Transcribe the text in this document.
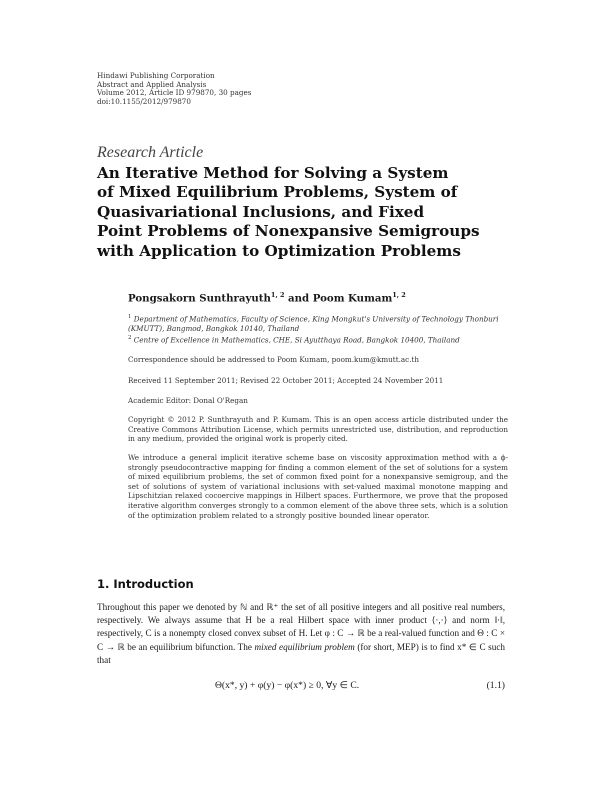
Hindawi Publishing Corporation
Abstract and Applied Analysis
Volume 2012, Article ID 979870, 30 pages
doi:10.1155/2012/979870
Research Article
An Iterative Method for Solving a System
of Mixed Equilibrium Problems, System of
Quasivariational Inclusions, and Fixed
Point Problems of Nonexpansive Semigroups
with Application to Optimization Problems
Pongsakorn Sunthrayuth$^{1, 2}$ and Poom Kumam$^{1, 2}$
$^1$ Department of Mathematics, Faculty of Science, King Mongkut's University of Technology Thonburi (KMUTT), Bangmod, Bangkok 10140, Thailand
$^2$ Centre of Excellence in Mathematics, CHE, Si Ayutthaya Road, Bangkok 10400, Thailand
Correspondence should be addressed to Poom Kumam, poom.kum@kmutt.ac.th
Received 11 September 2011; Revised 22 October 2011; Accepted 24 November 2011
Academic Editor: Donal O'Regan
Copyright © 2012 P. Sunthrayuth and P. Kumam. This is an open access article distributed under the Creative Commons Attribution License, which permits unrestricted use, distribution, and reproduction in any medium, provided the original work is properly cited.
We introduce a general implicit iterative scheme base on viscosity approximation method with a ϕ-strongly pseudocontractive mapping for finding a common element of the set of solutions for a system of mixed equilibrium problems, the set of common fixed point for a nonexpansive semigroup, and the set of solutions of system of variational inclusions with set-valued maximal monotone mapping and Lipschitzian relaxed cocoercive mappings in Hilbert spaces. Furthermore, we prove that the proposed iterative algorithm converges strongly to a common element of the above three sets, which is a solution of the optimization problem related to a strongly positive bounded linear operator.
1. Introduction
Throughout this paper we denoted by ℕ and ℝ⁺ the set of all positive integers and all positive real numbers, respectively. We always assume that H be a real Hilbert space with inner product ⟨·,·⟩ and norm ‖·‖, respectively, C is a nonempty closed convex subset of H. Let φ : C → ℝ be a real-valued function and Θ : C × C → ℝ be an equilibrium bifunction. The mixed equilibrium problem (for short, MEP) is to find x* ∈ C such that
Θ(x*, y) + φ(y) − φ(x*) ≥ 0, ∀y ∈ C.	(1.1)
